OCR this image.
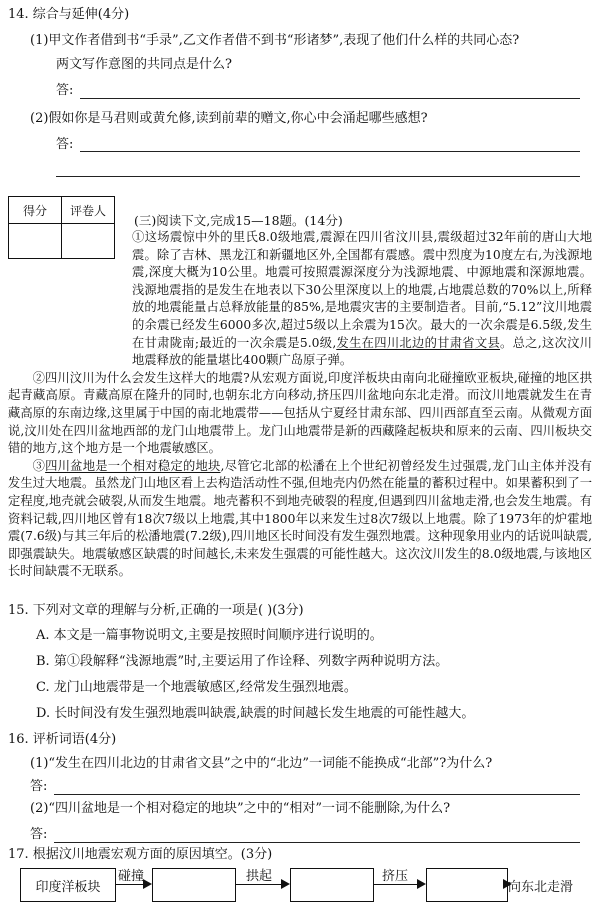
14. 综合与延伸(4分)
(1)甲文作者借到书“手录”,乙文作者借不到书“形诸梦”,表现了他们什么样的共同心态?
两文写作意图的共同点是什么?
答:
(2)假如你是马君则或黄允修,读到前辈的赠文,你心中会涌起哪些感想?
答:
得分	评卷人

(三)阅读下文,完成15—18题。(14分)

①这场震惊中外的里氏8.0级地震,震源在四川省汶川县,震级超过32年前的唐山大地震。除了吉林、黑龙江和新疆地区外,全国都有震感。震中烈度为10度左右,为浅源地震,深度大概为10公里。地震可按照震源深度分为浅源地震、中源地震和深源地震。浅源地震指的是发生在地表以下30公里深度以上的地震,占地震总数的70%以上,所释放的地震能量占总释放能量的85%,是地震灾害的主要制造者。目前,“5.12”汶川地震的余震已经发生6000多次,超过5级以上余震为15次。最大的一次余震是6.5级,发生在甘肃陇南;最近的一次余震是5.0级,发生在四川北边的甘肃省文县。总之,这次汶川地震释放的能量堪比400颗广岛原子弹。

②四川汶川为什么会发生这样大的地震?从宏观方面说,印度洋板块由南向北碰撞欧亚板块,碰撞的地区拱起青藏高原。青藏高原在隆升的同时,也朝东北方向移动,挤压四川盆地向东北走滑。而汶川地震就发生在青藏高原的东南边缘,这里属于中国的南北地震带——包括从宁夏经甘肃东部、四川西部直至云南。从微观方面说,汶川处在四川盆地西部的龙门山地震带上。龙门山地震带是新的西藏隆起板块和原来的云南、四川板块交错的地方,这个地方是一个地震敏感区。

③四川盆地是一个相对稳定的地块,尽管它北部的松潘在上个世纪初曾经发生过强震,龙门山主体并没有发生过大地震。虽然龙门山地区看上去构造活动性不强,但地壳内仍然在能量的蓄积过程中。如果蓄积到了一定程度,地壳就会破裂,从而发生地震。地壳蓄积不到地壳破裂的程度,但遇到四川盆地走滑,也会发生地震。有资料记载,四川地区曾有18次7级以上地震,其中1800年以来发生过8次7级以上地震。除了1973年的炉霍地震(7.6级)与其三年后的松潘地震(7.2级),四川地区长时间没有发生强烈地震。这种现象用业内的话说叫缺震,即强震缺失。地震敏感区缺震的时间越长,未来发生强震的可能性越大。这次汶川发生的8.0级地震,与该地区长时间缺震不无联系。

15. 下列对文章的理解与分析,正确的一项是( )(3分)
A. 本文是一篇事物说明文,主要是按照时间顺序进行说明的。
B. 第①段解释“浅源地震”时,主要运用了作诠释、列数字两种说明方法。
C. 龙门山地震带是一个地震敏感区,经常发生强烈地震。
D. 长时间没有发生强烈地震叫缺震,缺震的时间越长发生地震的可能性越大。
16. 评析词语(4分)
(1)“发生在四川北边的甘肃省文县”之中的“北边”一词能不能换成“北部”?为什么?
答:
(2)“四川盆地是一个相对稳定的地块”之中的“相对”一词不能删除,为什么?
答:
17. 根据汶川地震宏观方面的原因填空。(3分)
印度洋板块
碰撞	拱起	挤压
向东北走滑
